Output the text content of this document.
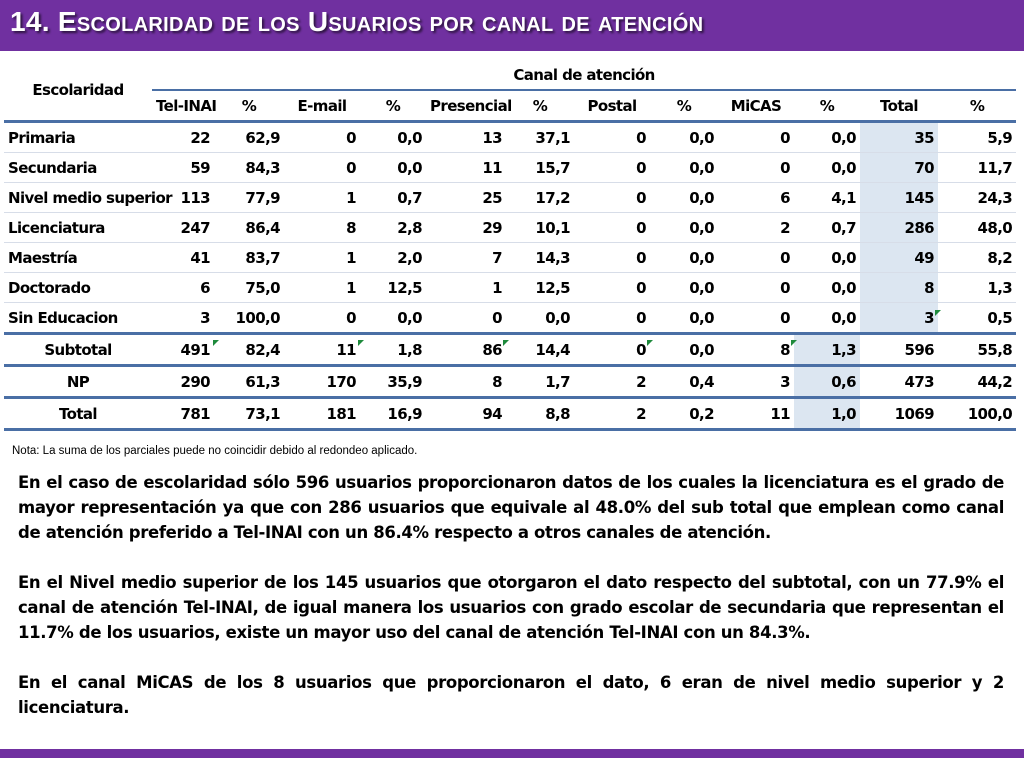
14. Escolaridad de los Usuarios por canal de atención
Escolaridad	Canal de atención											
	Tel-INAI	%	E-mail	%	Presencial	%	Postal	%	MiCAS	%	Total	%
Primaria	22	62,9	0	0,0	13	37,1	0	0,0	0	0,0	35	5,9
Secundaria	59	84,3	0	0,0	11	15,7	0	0,0	0	0,0	70	11,7
Nivel medio superior	113	77,9	1	0,7	25	17,2	0	0,0	6	4,1	145	24,3
Licenciatura	247	86,4	8	2,8	29	10,1	0	0,0	2	0,7	286	48,0
Maestría	41	83,7	1	2,0	7	14,3	0	0,0	0	0,0	49	8,2
Doctorado	6	75,0	1	12,5	1	12,5	0	0,0	0	0,0	8	1,3
Sin Educacion	3	100,0	0	0,0	0	0,0	0	0,0	0	0,0	3	0,5
Subtotal	491	82,4	11	1,8	86	14,4	0	0,0	8	1,3	596	55,8
NP	290	61,3	170	35,9	8	1,7	2	0,4	3	0,6	473	44,2
Total	781	73,1	181	16,9	94	8,8	2	0,2	11	1,0	1069	100,0
Nota: La suma de los parciales puede no coincidir debido al redondeo aplicado.

En el caso de escolaridad sólo 596 usuarios proporcionaron datos de los cuales la licenciatura es el grado de mayor representación ya que con 286 usuarios que equivale al 48.0% del sub total que emplean como canal de atención preferido a Tel-INAI con un 86.4% respecto a otros canales de atención.

En el Nivel medio superior de los 145 usuarios que otorgaron el dato respecto del subtotal, con un 77.9% el canal de atención Tel-INAI, de igual manera los usuarios con grado escolar de secundaria que representan el 11.7% de los usuarios, existe un mayor uso del canal de atención Tel-INAI con un 84.3%.

En el canal MiCAS de los 8 usuarios que proporcionaron el dato, 6 eran de nivel medio superior y 2 licenciatura.
